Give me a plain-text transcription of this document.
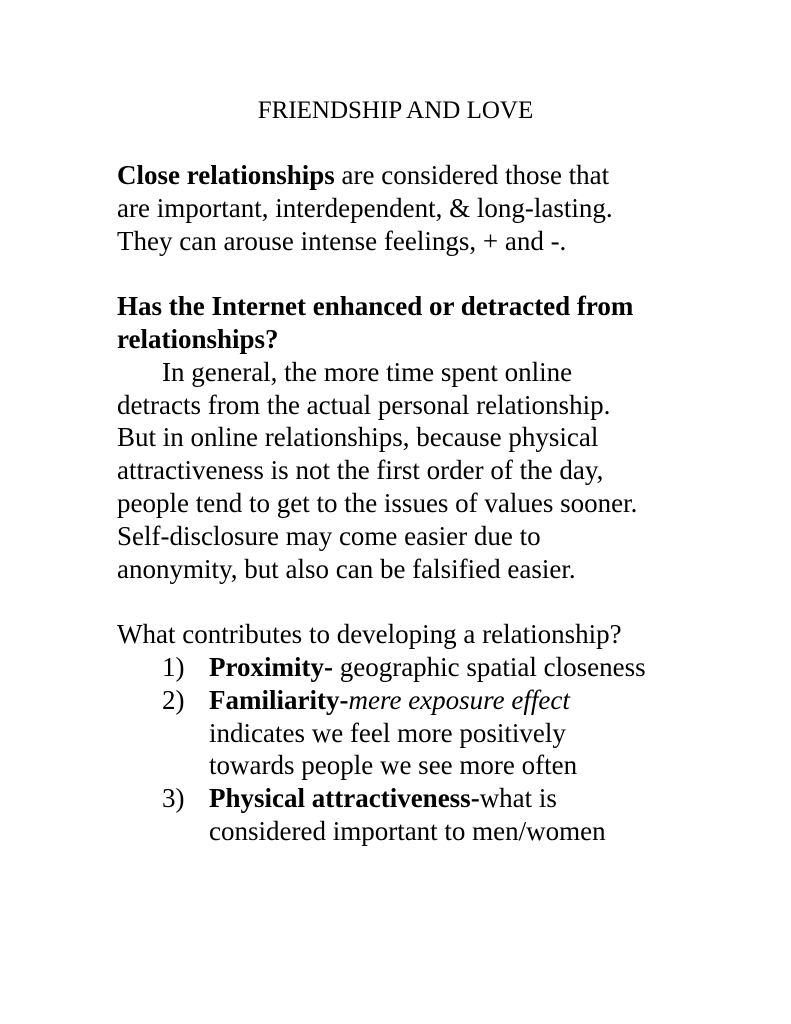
FRIENDSHIP AND LOVE
Close relationships are considered those that
are important, interdependent, & long-lasting.
They can arouse intense feelings, + and -.
Has the Internet enhanced or detracted from
relationships?
In general, the more time spent online
detracts from the actual personal relationship.
But in online relationships, because physical
attractiveness is not the first order of the day,
people tend to get to the issues of values sooner.
Self-disclosure may come easier due to
anonymity, but also can be falsified easier.
What contributes to developing a relationship?
1) Proximity- geographic spatial closeness
2) Familiarity-mere exposure effect
indicates we feel more positively
towards people we see more often
3) Physical attractiveness-what is
considered important to men/women
